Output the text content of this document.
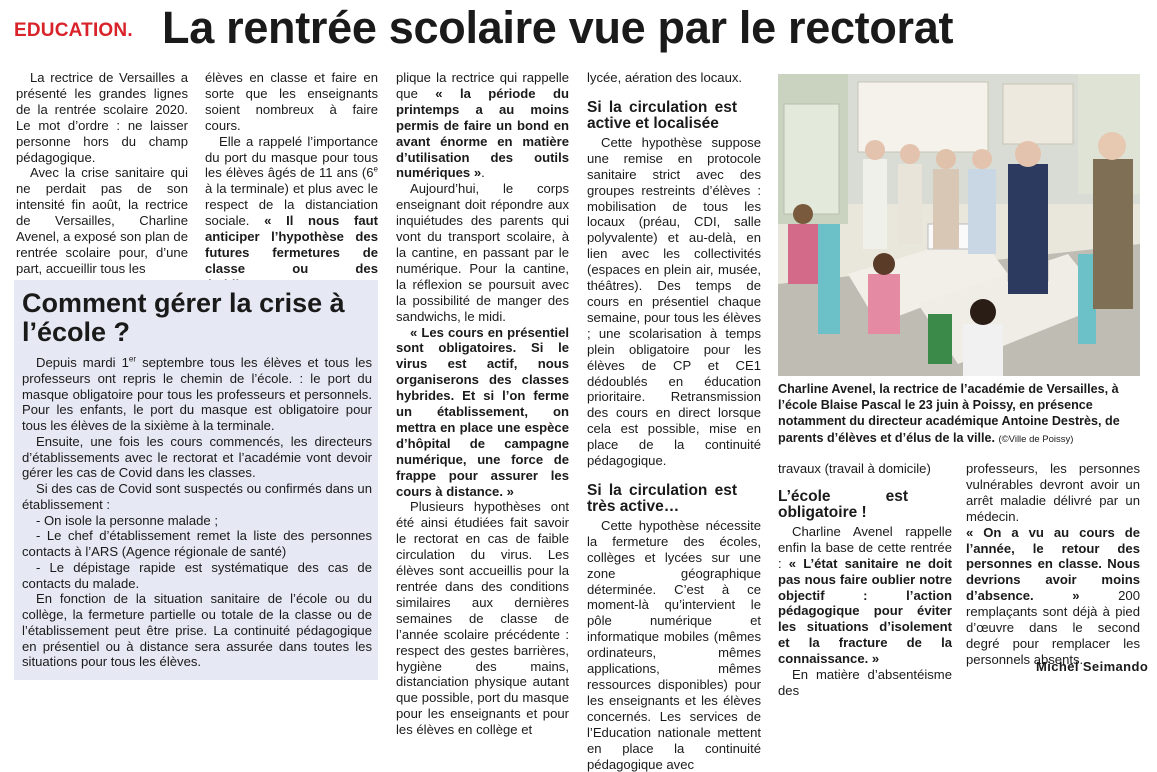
EDUCATION. La rentrée scolaire vue par le rectorat

La rectrice de Versailles a présenté les grandes lignes de la rentrée scolaire 2020. Le mot d’ordre : ne laisser personne hors du champ pédagogique.

Avec la crise sanitaire qui ne perdait pas de son intensité fin août, la rectrice de Versailles, Charline Avenel, a exposé son plan de rentrée scolaire pour, d’une part, accueillir tous les

élèves en classe et faire en sorte que les enseignants soient nombreux à faire cours.

Elle a rappelé l’importance du port du masque pour tous les élèves âgés de 11 ans (6e à la terminale) et plus avec le respect de la distanciation sociale. « Il nous faut anticiper l’hypothèse des futures fermetures de classe ou des

plique la rectrice qui rappelle que « la période du printemps a au moins permis de faire un bond en avant énorme en matière d’utilisation des outils numériques ».

Aujourd’hui, le corps enseignant doit répondre aux inquiétudes des parents qui vont du transport scolaire, à la cantine, en passant par le numérique. Pour la cantine, la réflexion se poursuit avec la possibilité de manger des sandwichs, le midi.

« Les cours en présentiel sont obligatoires. Si le virus est actif, nous organiserons des classes hybrides. Et si l’on ferme un établissement, on mettra en place une espèce d’hôpital de campagne numérique, une force de frappe pour assurer les cours à distance. »

Plusieurs hypothèses ont été ainsi étudiées fait savoir le rectorat en cas de faible circulation du virus. Les élèves sont accueillis pour la rentrée dans des conditions similaires aux dernières semaines de classe de l’année scolaire précédente : respect des gestes barrières, hygiène des mains, distanciation physique autant que possible, port du masque pour les enseignants et pour les élèves en collège et

lycée, aération des locaux.

Si la circulation est active et localisée

Cette hypothèse suppose une remise en protocole sanitaire strict avec des groupes restreints d’élèves : mobilisation de tous les locaux (préau, CDI, salle polyvalente) et au-delà, en lien avec les collectivités (espaces en plein air, musée, théâtres). Des temps de cours en présentiel chaque semaine, pour tous les élèves ; une scolarisation à temps plein obligatoire pour les élèves de CP et CE1 dédoublés en éducation prioritaire. Retransmission des cours en direct lorsque cela est possible, mise en place de la continuité pédagogique.

Si la circulation est très active…

Cette hypothèse nécessite la fermeture des écoles, collèges et lycées sur une zone géographique déterminée. C’est à ce moment-là qu’intervient le pôle numérique et informatique mobiles (mêmes ordinateurs, mêmes applications, mêmes ressources disponibles) pour les enseignants et les élèves concernés. Les services de l’Education nationale mettent en place la continuité pédagogique avec

travaux (travail à domicile)

L’école est obligatoire !

Charline Avenel rappelle enfin la base de cette rentrée : « L’état sanitaire ne doit pas nous faire oublier notre objectif : l’action pédagogique pour éviter les situations d’isolement et la fracture de la connaissance. »

En matière d’absentéisme des

professeurs, les personnes vulnérables devront avoir un arrêt maladie délivré par un médecin.

« On a vu au cours de l’année, le retour des personnes en classe. Nous devrions avoir moins d’absence. » 200 remplaçants sont déjà à pied d’œuvre dans le second degré pour remplacer les personnels absents.

Michel Seimando
Comment gérer la crise à l’école ?

Depuis mardi 1er septembre tous les élèves et tous les professeurs ont repris le chemin de l’école. : le port du masque obligatoire pour tous les professeurs et personnels. Pour les enfants, le port du masque est obligatoire pour tous les élèves de la sixième à la terminale.

Ensuite, une fois les cours commencés, les directeurs d’établissements avec le rectorat et l’académie vont devoir gérer les cas de Covid dans les classes.

Si des cas de Covid sont suspectés ou confirmés dans un établissement :

- On isole la personne malade ;

- Le chef d’établissement remet la liste des personnes contacts à l’ARS (Agence régionale de santé)

- Le dépistage rapide est systématique des cas de contacts du malade.

En fonction de la situation sanitaire de l’école ou du collège, la fermeture partielle ou totale de la classe ou de l’établissement peut être prise. La continuité pédagogique en présentiel ou à distance sera assurée dans toutes les situations pour tous les élèves.

Charline Avenel, la rectrice de l’académie de Versailles, à l’école Blaise Pascal le 23 juin à Poissy, en présence notamment du directeur académique Antoine Destrès, de parents d’élèves et d’élus de la ville. (©Ville de Poissy)
